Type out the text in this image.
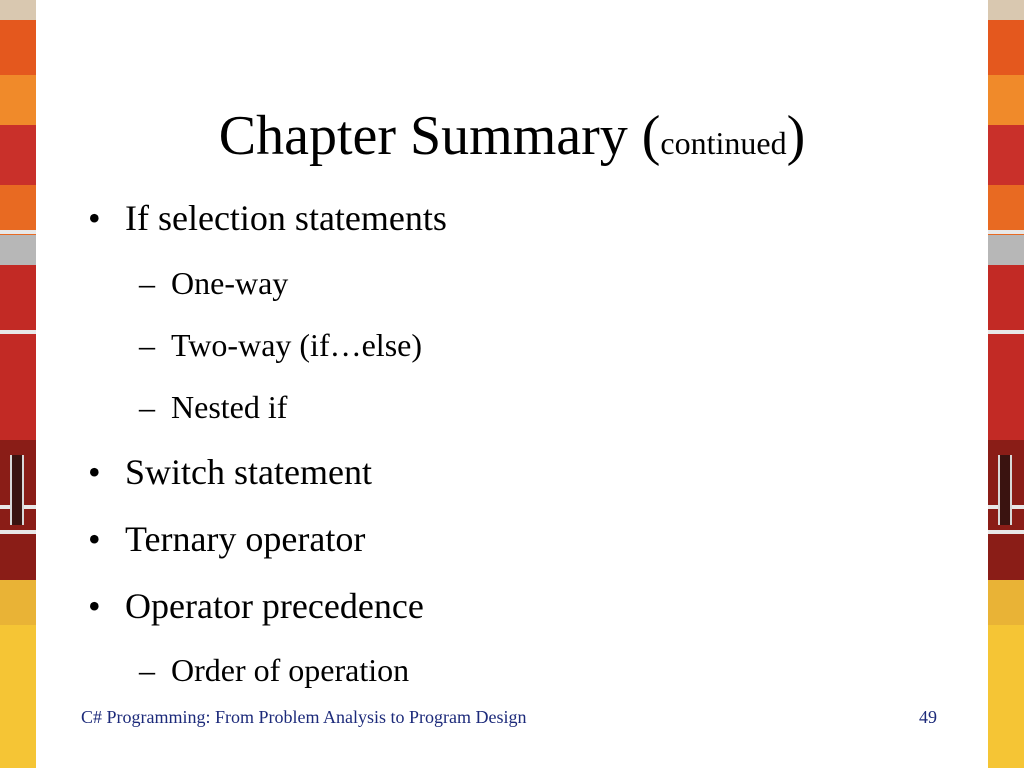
Chapter Summary (continued)
• If selection statements
– One-way
– Two-way (if…else)
– Nested if
• Switch statement
• Ternary operator
• Operator precedence
– Order of operation
C# Programming: From Problem Analysis to Program Design	49
